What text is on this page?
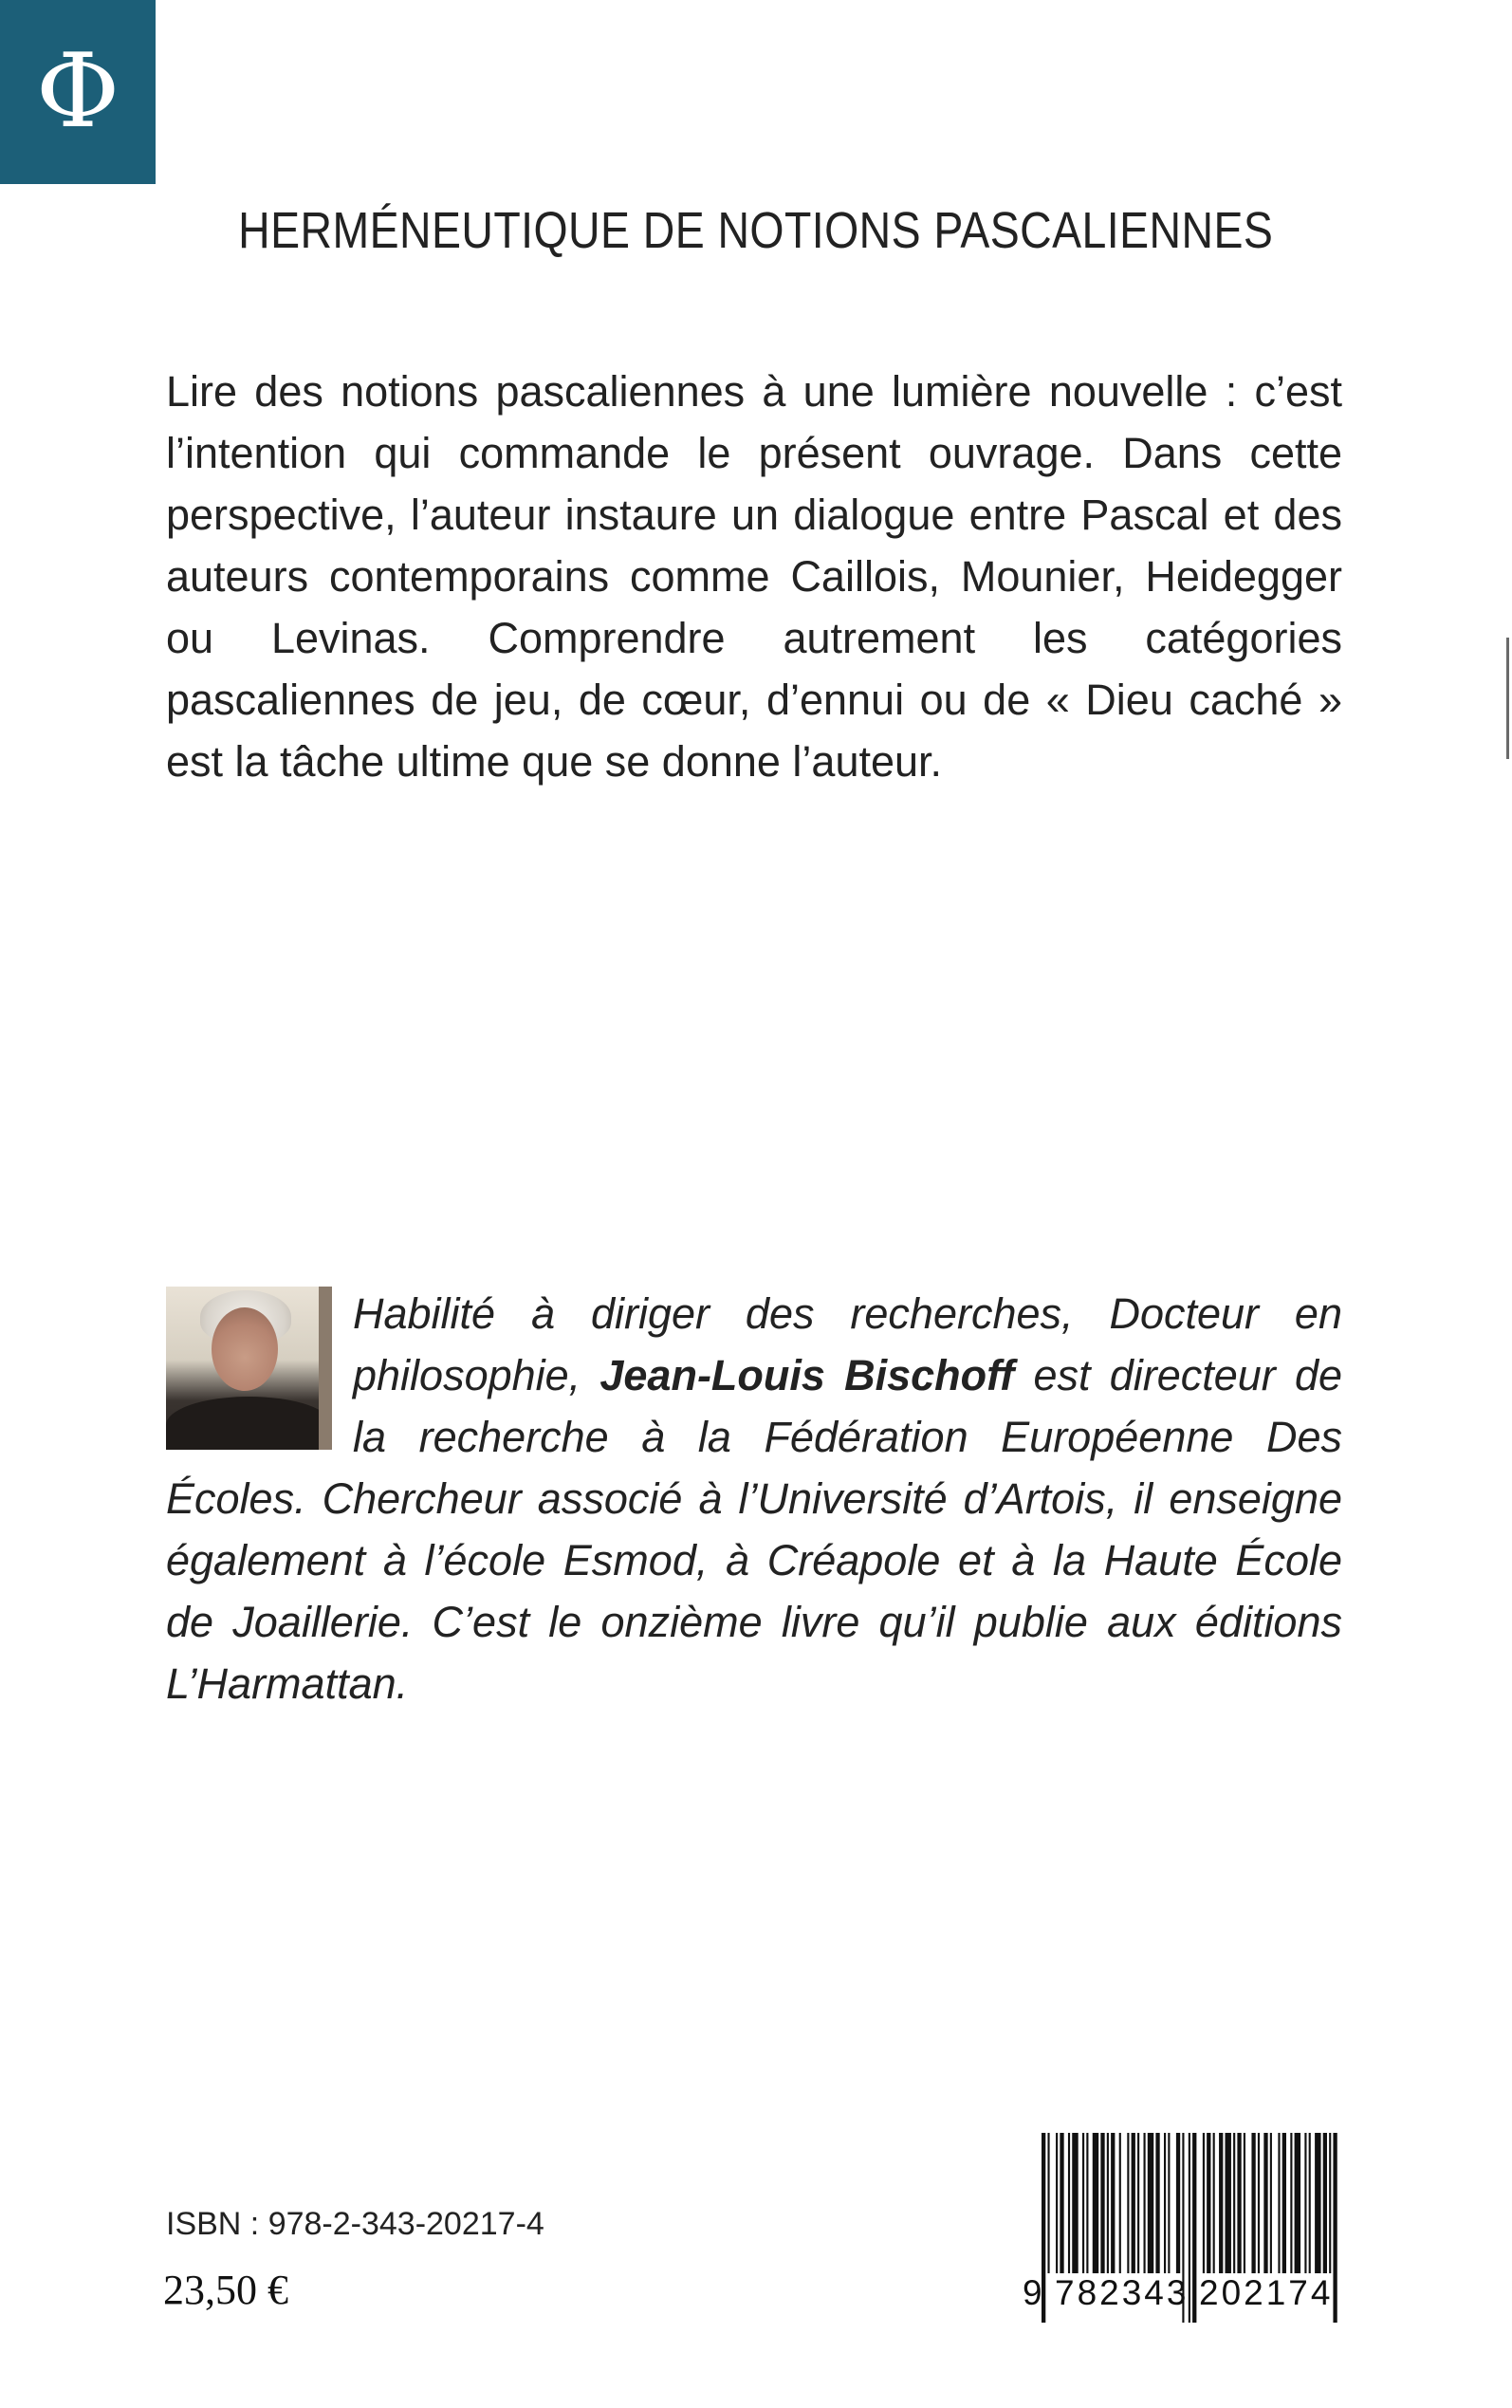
Φ
HERMÉNEUTIQUE DE NOTIONS PASCALIENNES

Lire des notions pascaliennes à une lumière nouvelle : c’est l’intention qui commande le présent ouvrage. Dans cette perspective, l’auteur instaure un dialogue entre Pascal et des auteurs contemporains comme Caillois, Mounier, Heidegger ou Levinas. Comprendre autrement les catégories pascaliennes de jeu, de cœur, d’ennui ou de « Dieu caché » est la tâche ultime que se donne l’auteur.

Habilité à diriger des recherches, Docteur en philosophie, Jean-Louis Bischoff est directeur de la recherche à la Fédération Européenne Des Écoles. Chercheur associé à l’Université d’Artois, il enseigne également à l’école Esmod, à Créapole et à la Haute École de Joaillerie. C’est le onzième livre qu’il publie aux éditions L’Harmattan.
ISBN : 978-2-343-20217-4
23,50 €	9 782343 202174
